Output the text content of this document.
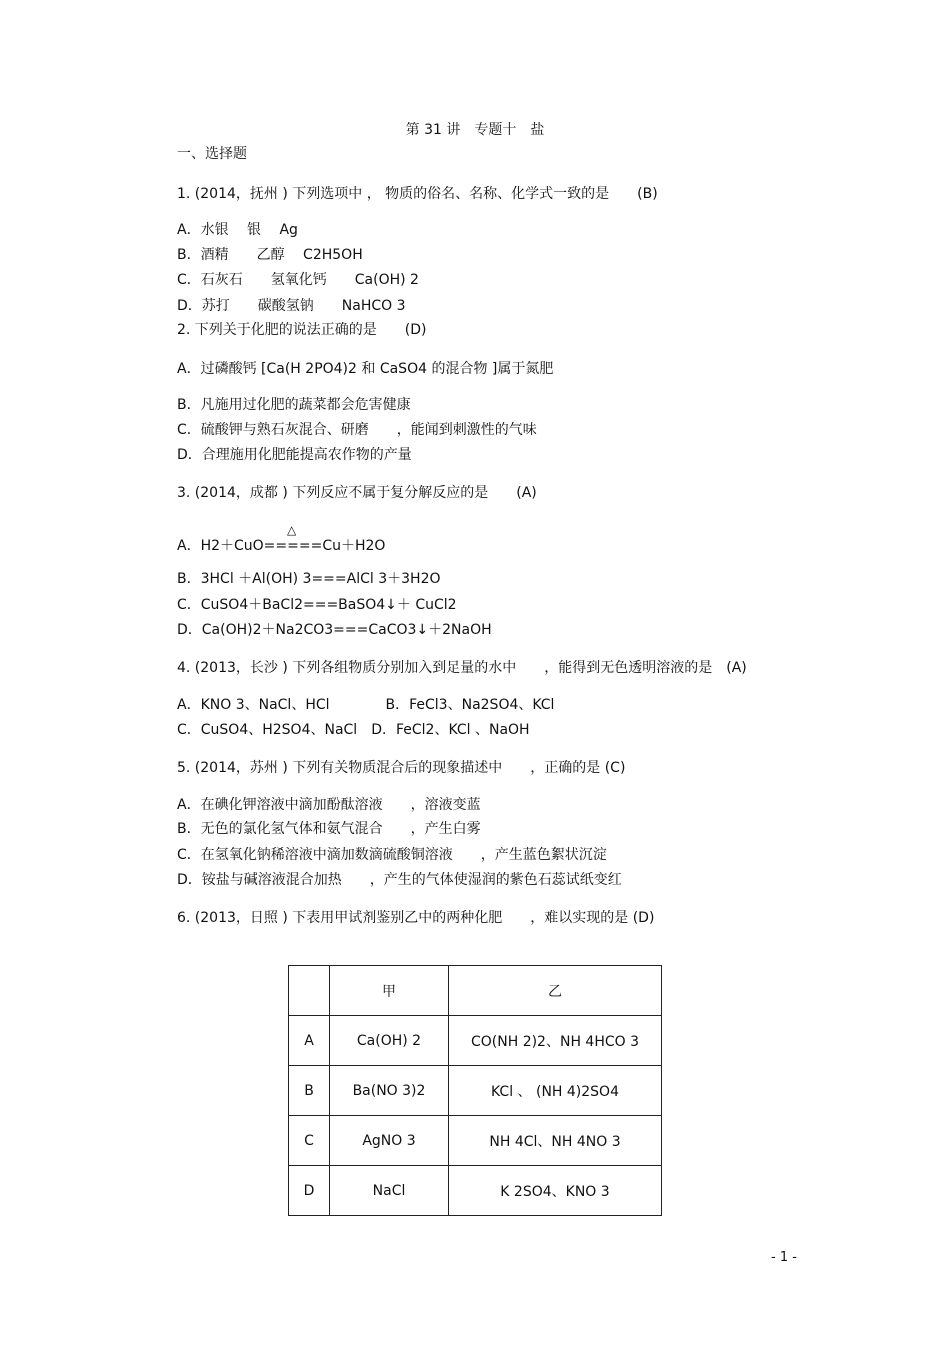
第 31 讲　专题十　盐
一、选择题
1. (2014，抚州 ) 下列选项中 ， 物质的俗名、名称、化学式一致的是　　(B)
A．水银　 银　 Ag
B．酒精　　乙醇　 C2H5OH
C．石灰石　　氢氧化钙　　Ca(OH) 2
D．苏打　　碳酸氢钠　　NaHCO 3
2. 下列关于化肥的说法正确的是　　(D)
A．过磷酸钙 [Ca(H 2PO4)2 和 CaSO4 的混合物 ]属于氮肥
B．凡施用过化肥的蔬菜都会危害健康
C．硫酸钾与熟石灰混合、研磨　　，能闻到刺激性的气味
D．合理施用化肥能提高农作物的产量
3. (2014，成都 ) 下列反应不属于复分解反应的是　　(A)
△
A．H2＋CuO=====Cu＋H2O
B．3HCl ＋Al(OH) 3===AlCl 3＋3H2O
C．CuSO4＋BaCl2===BaSO4↓＋ CuCl2
D．Ca(OH)2＋Na2CO3===CaCO3↓＋2NaOH
4. (2013，长沙 ) 下列各组物质分别加入到足量的水中　　，能得到无色透明溶液的是　(A)
A．KNO 3、NaCl、HCl　　　　B．FeCl3、Na2SO4、KCl
C．CuSO4、H2SO4、NaCl　D．FeCl2、KCl 、NaOH
5. (2014，苏州 ) 下列有关物质混合后的现象描述中　　，正确的是 (C)
A．在碘化钾溶液中滴加酚酞溶液　　，溶液变蓝
B．无色的氯化氢气体和氨气混合　　，产生白雾
C．在氢氧化钠稀溶液中滴加数滴硫酸铜溶液　　，产生蓝色絮状沉淀
D．铵盐与碱溶液混合加热　　，产生的气体使湿润的紫色石蕊试纸变红
6. (2013，日照 ) 下表用甲试剂鉴别乙中的两种化肥　　，难以实现的是 (D)
	甲	乙
A	Ca(OH) 2	CO(NH 2)2、NH 4HCO 3
B	Ba(NO 3)2	KCl 、 (NH 4)2SO4
C	AgNO 3	NH 4Cl、NH 4NO 3
D	NaCl	K 2SO4、KNO 3
- 1 -
